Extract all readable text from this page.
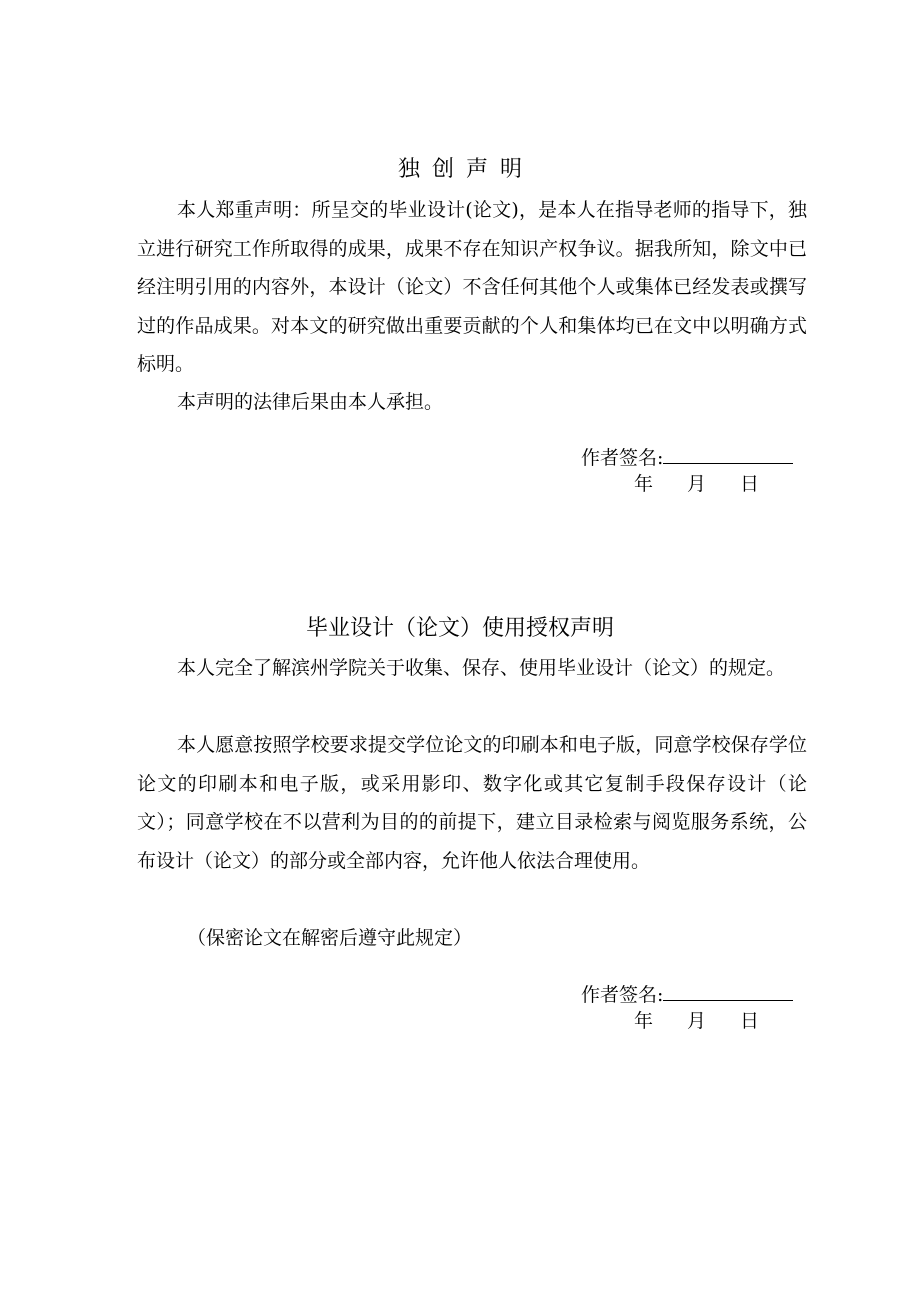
独创声明

本人郑重声明：所呈交的毕业设计(论文)，是本人在指导老师的指导下，独立进行研究工作所取得的成果，成果不存在知识产权争议。据我所知，除文中已经注明引用的内容外，本设计（论文）不含任何其他个人或集体已经发表或撰写过的作品成果。对本文的研究做出重要贡献的个人和集体均已在文中以明确方式标明。

本声明的法律后果由本人承担。

作者签名:
年 月 日
毕业设计（论文）使用授权声明

本人完全了解滨州学院关于收集、保存、使用毕业设计（论文）的规定。

本人愿意按照学校要求提交学位论文的印刷本和电子版，同意学校保存学位论文的印刷本和电子版，或采用影印、数字化或其它复制手段保存设计（论文）；同意学校在不以营利为目的的前提下，建立目录检索与阅览服务系统，公布设计（论文）的部分或全部内容，允许他人依法合理使用。

（保密论文在解密后遵守此规定）

作者签名:
年 月 日
